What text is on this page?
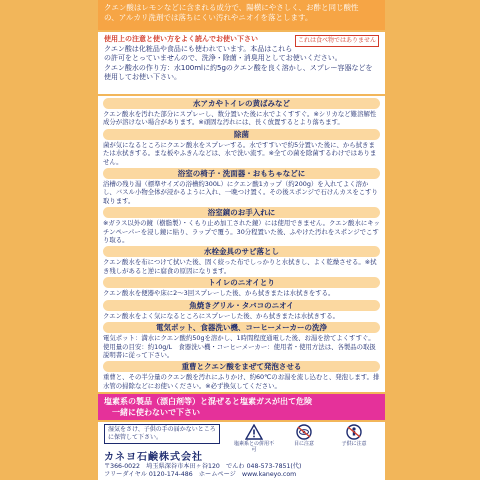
クエン酸はレモンなどに含まれる成分で、陽横にやさしく、お酢と同じ酸性
の、アルカリ洗剤では落ちにくい汚れやニオイを落とします。
これは食べ物ではありません
使用上の注意と使い方をよく読んでお使い下さい
クエン酸は化粧品や食品にも使われています。本品はこれらの許可をとっていませんので、洗浄・除菌・消臭用としてお使いください。
クエン酸水の作り方：水100mlに約5gのクエン酸を良く溶かし、スプレー容器などを使用してお使い下さい。
水アカやトイレの黄ばみなど
クエン酸水を汚れた部分にスプレーし、数分置いた後に水でよくすすぐ。※シリカなど難溶解性成分が溶けない場合があります。※頑固な汚れには、長く放置するとより落ちます。
除菌
菌が気になるところにクエン酸水をスプレーする。水ですすいで約5分置いた後に、から拭きまたは水拭きする。まな板やふきんなどは、水で洗い流す。※全ての菌を除菌するわけではありません。
浴室の椅子・洗面器・おもちゃなどに
浴槽の残り湯（標準サイズの浴槽約300L）にクエン酸1カップ（約200g）を入れてよく溶かし、バスル小物全体が浸かるように入れ、一晩つけ置く。その後スポンジで石けんカスをこすり取ります。
浴室鏡のお手入れに
※ガラス以外の鏡（樹脂製）・くもり止め加工された鏡）には使用できません。クエン酸水にキッチンペーパーを浸し鏡に貼り、ラップで覆う。30分程置いた後、ふやけた汚れをスポンジでこすり取る。
水栓金具のサビ落とし
クエン酸水を布につけて拭いた後、固く絞った布でしっかりと水拭きし、よく乾燥させる。※拭き残しがあると逆に腐食の原因になります。
トイレのニオイとり
クエン酸水を便器や床に2～3回スプレーした後、から拭きまたは水拭きをする。
魚焼きグリル・タバコのニオイ
クエン酸水をよく気になるところにスプレーした後、から拭きまたは水拭きする。
電気ポット、食器洗い機、コーヒーメーカーの洗浄
電気ポット：満水にクエン酸約50gを溶かし、1時間程度通電した後、お湯を捨てよくすすぐ。使用量の目安：約10g/L　食器洗い機・コーヒーメーカー：使用者・使用方法は、各製品の取扱説明書に従って下さい。
重曹とクエン酸をまぜて発泡させる
重曹と、その半分量のクエン酸を汚れにふりかけ、約60℃のお湯を流し込むと、発泡します。排水管の掃除などにお使いください。※必ず換気してください。
塩素系の製品（漂白剤等）と混ぜると塩素ガスが出て危険
　一緒に使わないで下さい
湿気をさけ、子供の手の届かないところに保管して下さい。
塩素系との併用不可
目に注意	子供に注意
カネヨ石鹸株式会社
〒366-0022　埼玉県深谷市本田ヶ谷120　でんわ 048-573-7851(代)
フリーダイヤル 0120-174-486　ホームページ　www.kaneyo.com
